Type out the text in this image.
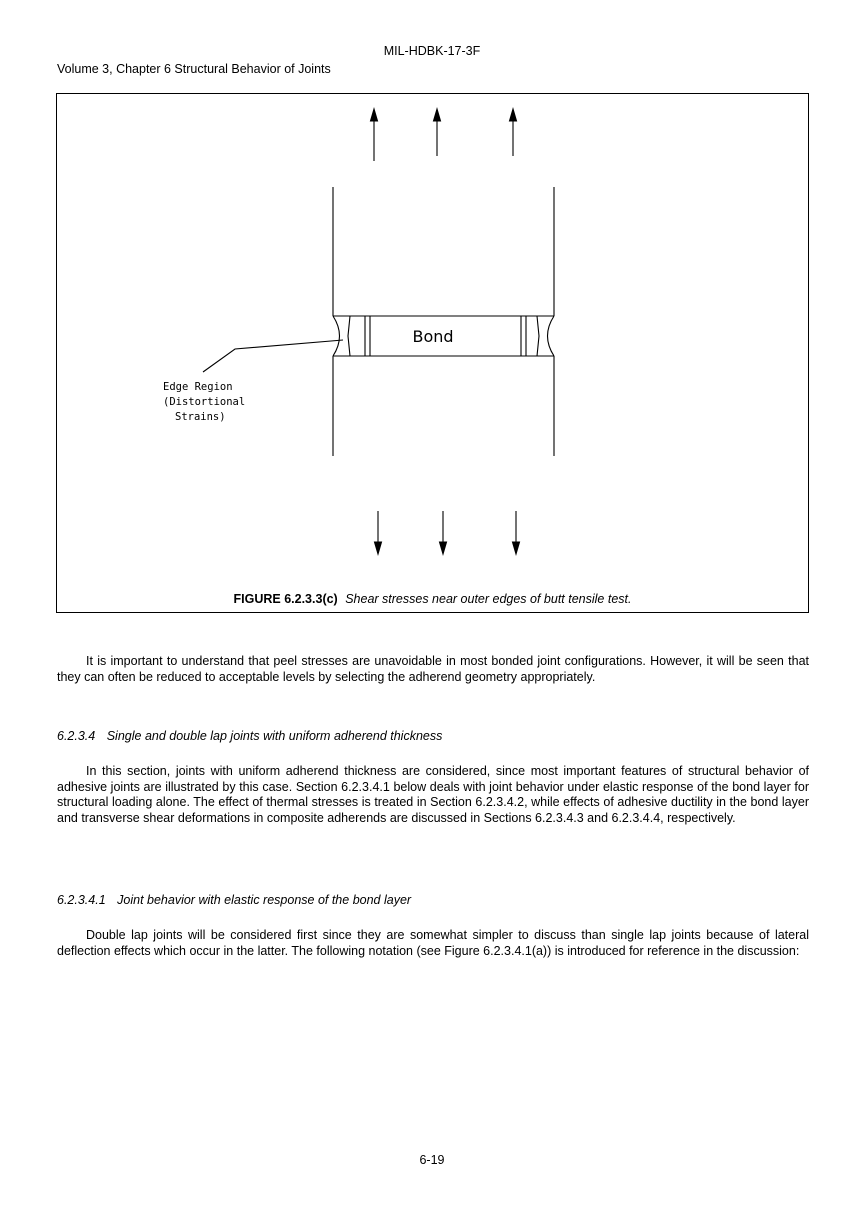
MIL-HDBK-17-3F
Volume 3, Chapter 6 Structural Behavior of Joints
Bond
Edge Region
(Distortional
Strains)
FIGURE 6.2.3.3(c) Shear stresses near outer edges of butt tensile test.

It is important to understand that peel stresses are unavoidable in most bonded joint configurations. However, it will be seen that they can often be reduced to acceptable levels by selecting the adherend geometry appropriately.

6.2.3.4 Single and double lap joints with uniform adherend thickness

In this section, joints with uniform adherend thickness are considered, since most important features of structural behavior of adhesive joints are illustrated by this case. Section 6.2.3.4.1 below deals with joint behavior under elastic response of the bond layer for structural loading alone. The effect of thermal stresses is treated in Section 6.2.3.4.2, while effects of adhesive ductility in the bond layer and transverse shear deformations in composite adherends are discussed in Sections 6.2.3.4.3 and 6.2.3.4.4, respectively.

6.2.3.4.1 Joint behavior with elastic response of the bond layer

Double lap joints will be considered first since they are somewhat simpler to discuss than single lap joints because of lateral deflection effects which occur in the latter. The following notation (see Figure 6.2.3.4.1(a)) is introduced for reference in the discussion:

6-19
